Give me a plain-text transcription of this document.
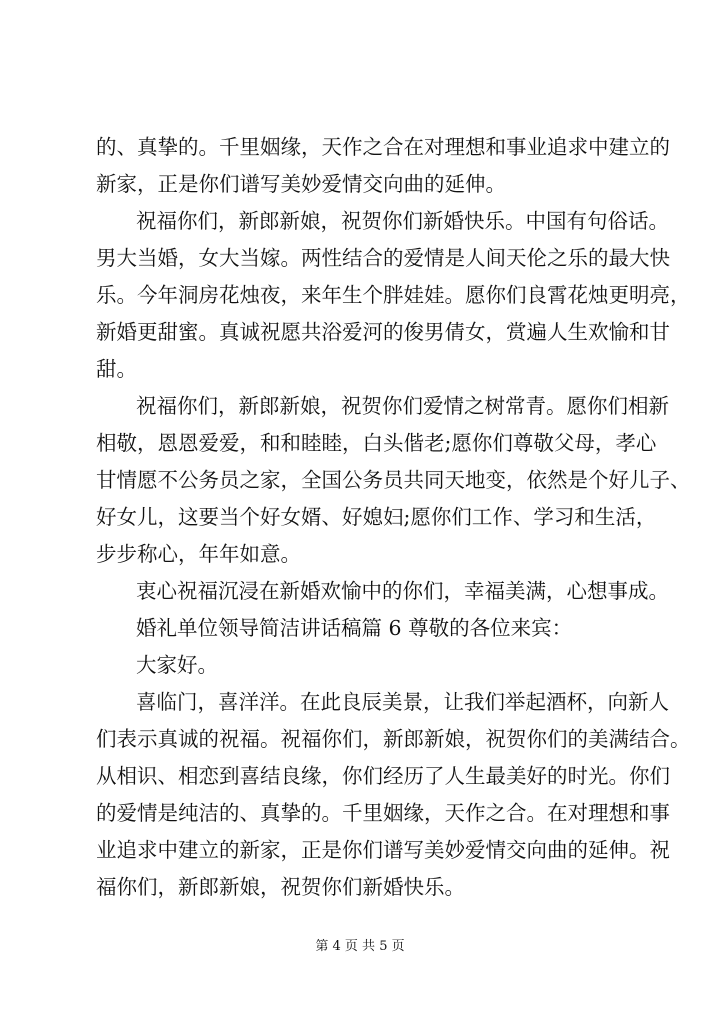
的、真挚的。千里姻缘，天作之合在对理想和事业追求中建立的
新家，正是你们谱写美妙爱情交向曲的延伸。
祝福你们，新郎新娘，祝贺你们新婚快乐。中国有句俗话。
男大当婚，女大当嫁。两性结合的爱情是人间天伦之乐的最大快
乐。今年洞房花烛夜，来年生个胖娃娃。愿你们良霄花烛更明亮，
新婚更甜蜜。真诚祝愿共浴爱河的俊男倩女，赏遍人生欢愉和甘
甜。
祝福你们，新郎新娘，祝贺你们爱情之树常青。愿你们相新
相敬，恩恩爱爱，和和睦睦，白头偕老;愿你们尊敬父母，孝心
甘情愿不公务员之家，全国公务员共同天地变，依然是个好儿子、
好女儿，这要当个好女婿、好媳妇;愿你们工作、学习和生活，
步步称心，年年如意。
衷心祝福沉浸在新婚欢愉中的你们，幸福美满，心想事成。
婚礼单位领导简洁讲话稿篇 6 尊敬的各位来宾：
大家好。
喜临门，喜洋洋。在此良辰美景，让我们举起酒杯，向新人
们表示真诚的祝福。祝福你们，新郎新娘，祝贺你们的美满结合。
从相识、相恋到喜结良缘，你们经历了人生最美好的时光。你们
的爱情是纯洁的、真挚的。千里姻缘，天作之合。在对理想和事
业追求中建立的新家，正是你们谱写美妙爱情交向曲的延伸。祝
福你们，新郎新娘，祝贺你们新婚快乐。
第 4 页 共 5 页
